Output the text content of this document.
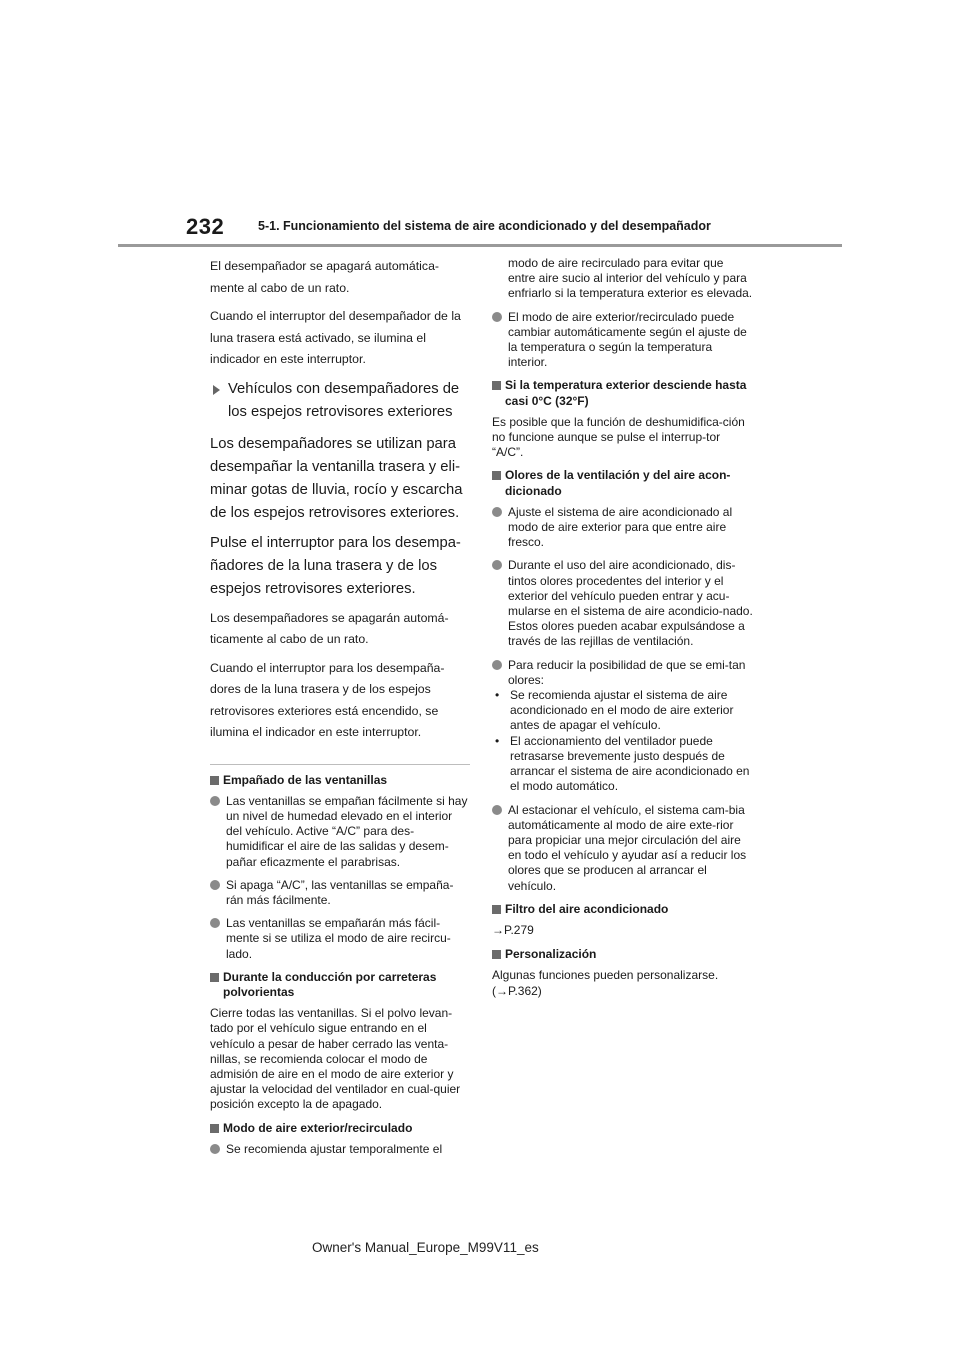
232	5-1. Funcionamiento del sistema de aire acondicionado y del desempañador

El desempañador se apagará automática-mente al cabo de un rato.

Cuando el interruptor del desempañador de la luna trasera está activado, se ilumina el indicador en este interruptor.

Vehículos con desempañadores de los espejos retrovisores exteriores

Los desempañadores se utilizan para desempañar la ventanilla trasera y eli-minar gotas de lluvia, rocío y escarcha de los espejos retrovisores exteriores.

Pulse el interruptor para los desempa-ñadores de la luna trasera y de los espejos retrovisores exteriores.

Los desempañadores se apagarán automá-ticamente al cabo de un rato.

Cuando el interruptor para los desempaña-dores de la luna trasera y de los espejos retrovisores exteriores está encendido, se ilumina el indicador en este interruptor.

Empañado de las ventanillas
Las ventanillas se empañan fácilmente si hay un nivel de humedad elevado en el interior del vehículo. Active “A/C” para des-humidificar el aire de las salidas y desem-pañar eficazmente el parabrisas.
Si apaga “A/C”, las ventanillas se empaña-rán más fácilmente.
Las ventanillas se empañarán más fácil-mente si se utiliza el modo de aire recircu-lado.
Durante la conducción por carreteras polvorientas

Cierre todas las ventanillas. Si el polvo levan-tado por el vehículo sigue entrando en el vehículo a pesar de haber cerrado las venta-nillas, se recomienda colocar el modo de admisión de aire en el modo de aire exterior y ajustar la velocidad del ventilador en cual-quier posición excepto la de apagado.

Modo de aire exterior/recirculado
Se recomienda ajustar temporalmente el

modo de aire recirculado para evitar que entre aire sucio al interior del vehículo y para enfriarlo si la temperatura exterior es elevada.

El modo de aire exterior/recirculado puede cambiar automáticamente según el ajuste de la temperatura o según la temperatura interior.
Si la temperatura exterior desciende hasta casi 0°C (32°F)

Es posible que la función de deshumidifica-ción no funcione aunque se pulse el interrup-tor “A/C”.

Olores de la ventilación y del aire acon-dicionado
Ajuste el sistema de aire acondicionado al modo de aire exterior para que entre aire fresco.
Durante el uso del aire acondicionado, dis-tintos olores procedentes del interior y el exterior del vehículo pueden entrar y acu-mularse en el sistema de aire acondicio-nado. Estos olores pueden acabar expulsándose a través de las rejillas de ventilación.
Para reducir la posibilidad de que se emi-tan olores:
• Se recomienda ajustar el sistema de aire acondicionado en el modo de aire exterior antes de apagar el vehículo.
• El accionamiento del ventilador puede retrasarse brevemente justo después de arrancar el sistema de aire acondicionado en el modo automático.
Al estacionar el vehículo, el sistema cam-bia automáticamente al modo de aire exte-rior para propiciar una mejor circulación del aire en todo el vehículo y ayudar así a reducir los olores que se producen al arrancar el vehículo.
Filtro del aire acondicionado

→P.279

Personalización

Algunas funciones pueden personalizarse. (→P.362)

Owner's Manual_Europe_M99V11_es
